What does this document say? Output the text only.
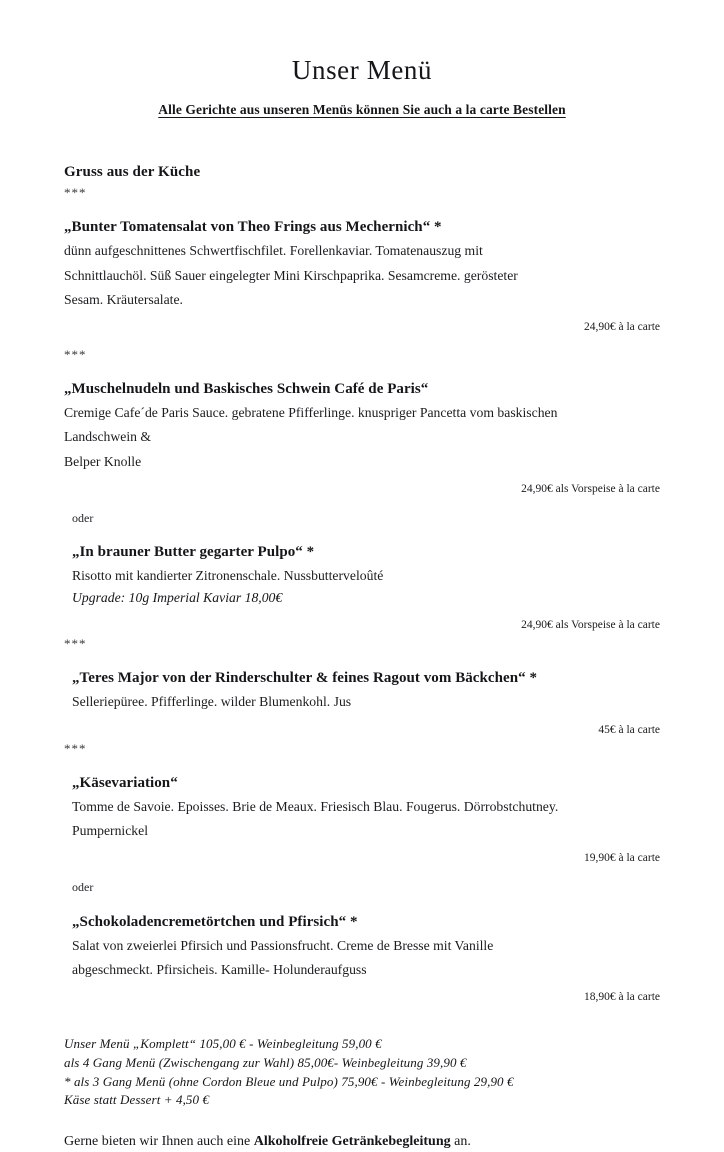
Unser Menü
Alle Gerichte aus unseren Menüs können Sie auch a la carte Bestellen
Gruss aus der Küche
***
„Bunter Tomatensalat von Theo Frings aus Mechernich“ *
dünn aufgeschnittenes Schwertfischfilet. Forellenkaviar. Tomatenauszug mit
Schnittlauchöl. Süß Sauer eingelegter Mini Kirschpaprika. Sesamcreme. gerösteter
Sesam. Kräutersalate.
24,90€ à la carte
***
„Muschelnudeln und Baskisches Schwein Café de Paris“
Cremige Cafe´de Paris Sauce. gebratene Pfifferlinge. knuspriger Pancetta vom baskischen
Landschwein &
Belper Knolle
24,90€ als Vorspeise à la carte
oder
„In brauner Butter gegarter Pulpo“ *
Risotto mit kandierter Zitronenschale. Nussbutterveloûté
Upgrade: 10g Imperial Kaviar 18,00€
24,90€ als Vorspeise à la carte
***
„Teres Major von der Rinderschulter & feines Ragout vom Bäckchen“ *
Selleriepüree. Pfifferlinge. wilder Blumenkohl. Jus
45€ à la carte
***
„Käsevariation“
Tomme de Savoie. Epoisses. Brie de Meaux. Friesisch Blau. Fougerus. Dörrobstchutney.
Pumpernickel
19,90€ à la carte
oder
„Schokoladencremetörtchen und Pfirsich“ *
Salat von zweierlei Pfirsich und Passionsfrucht. Creme de Bresse mit Vanille
abgeschmeckt. Pfirsicheis. Kamille- Holunderaufguss
18,90€ à la carte
Unser Menü „Komplett“ 105,00 € - Weinbegleitung 59,00 €
als 4 Gang Menü (Zwischengang zur Wahl) 85,00€- Weinbegleitung 39,90 €
* als 3 Gang Menü (ohne Cordon Bleue und Pulpo) 75,90€ - Weinbegleitung 29,90 €
Käse statt Dessert + 4,50 €
Gerne bieten wir Ihnen auch eine Alkoholfreie Getränkebegleitung an.
